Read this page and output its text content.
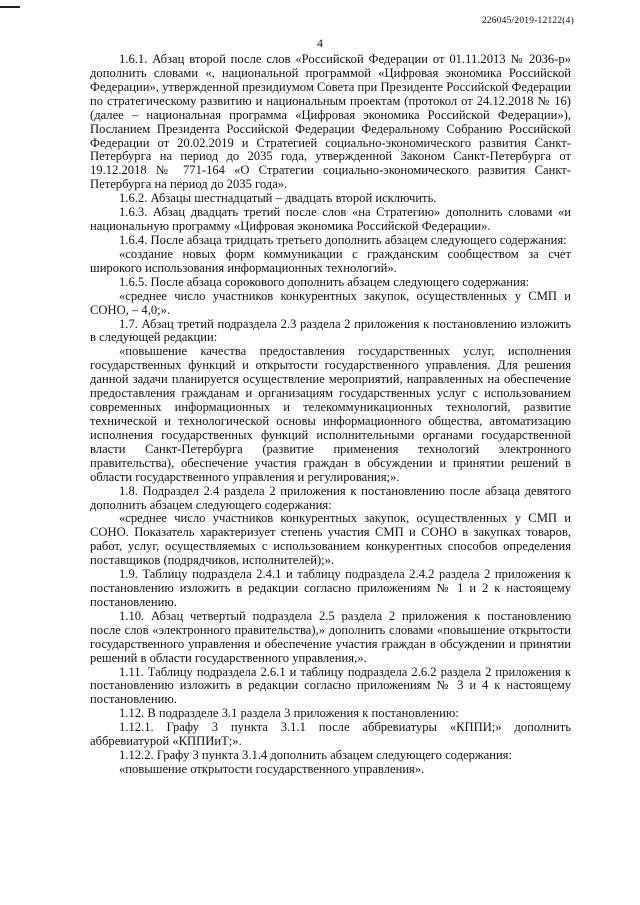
226045/2019-12122(4)
4

1.6.1. Абзац второй после слов «Российской Федерации от 01.11.2013 № 2036-р» дополнить словами «, национальной программой «Цифровая экономика Российской Федерации», утвержденной президиумом Совета при Президенте Российской Федерации по стратегическому развитию и национальным проектам (протокол от 24.12.2018 № 16) (далее – национальная программа «Цифровая экономика Российской Федерации»), Посланием Президента Российской Федерации Федеральному Собранию Российской Федерации от 20.02.2019 и Стратегией социально-экономического развития Санкт-Петербурга на период до 2035 года, утвержденной Законом Санкт-Петербурга от 19.12.2018 № 771-164 «О Стратегии социально-экономического развития Санкт-Петербурга на период до 2035 года».

1.6.2. Абзацы шестнадцатый – двадцать второй исключить.

1.6.3. Абзац двадцать третий после слов «на Стратегию» дополнить словами «и национальную программу «Цифровая экономика Российской Федерации».

1.6.4. После абзаца тридцать третьего дополнить абзацем следующего содержания:

«создание новых форм коммуникации с гражданским сообществом за счет широкого использования информационных технологий».

1.6.5. После абзаца сорокового дополнить абзацем следующего содержания:

«среднее число участников конкурентных закупок, осуществленных у СМП и СОНО, – 4,0;».

1.7. Абзац третий подраздела 2.3 раздела 2 приложения к постановлению изложить в следующей редакции:

«повышение качества предоставления государственных услуг, исполнения государственных функций и открытости государственного управления. Для решения данной задачи планируется осуществление мероприятий, направленных на обеспечение предоставления гражданам и организациям государственных услуг с использованием современных информационных и телекоммуникационных технологий, развитие технической и технологической основы информационного общества, автоматизацию исполнения государственных функций исполнительными органами государственной власти Санкт-Петербурга (развитие применения технологий электронного правительства), обеспечение участия граждан в обсуждении и принятии решений в области государственного управления и регулирования;».

1.8. Подраздел 2.4 раздела 2 приложения к постановлению после абзаца девятого дополнить абзацем следующего содержания:

«среднее число участников конкурентных закупок, осуществленных у СМП и СОНО. Показатель характеризует степень участия СМП и СОНО в закупках товаров, работ, услуг, осуществляемых с использованием конкурентных способов определения поставщиков (подрядчиков, исполнителей);».

1.9. Таблицу подраздела 2.4.1 и таблицу подраздела 2.4.2 раздела 2 приложения к постановлению изложить в редакции согласно приложениям № 1 и 2 к настоящему постановлению.

1.10. Абзац четвертый подраздела 2.5 раздела 2 приложения к постановлению после слов «электронного правительства),» дополнить словами «повышение открытости государственного управления и обеспечение участия граждан в обсуждении и принятии решений в области государственного управления,».

1.11. Таблицу подраздела 2.6.1 и таблицу подраздела 2.6.2 раздела 2 приложения к постановлению изложить в редакции согласно приложениям № 3 и 4 к настоящему постановлению.

1.12. В подразделе 3.1 раздела 3 приложения к постановлению:

1.12.1. Графу 3 пункта 3.1.1 после аббревиатуры «КППИ;» дополнить аббревиатурой «КППИиТ;».

1.12.2. Графу 3 пункта 3.1.4 дополнить абзацем следующего содержания:

«повышение открытости государственного управления».
